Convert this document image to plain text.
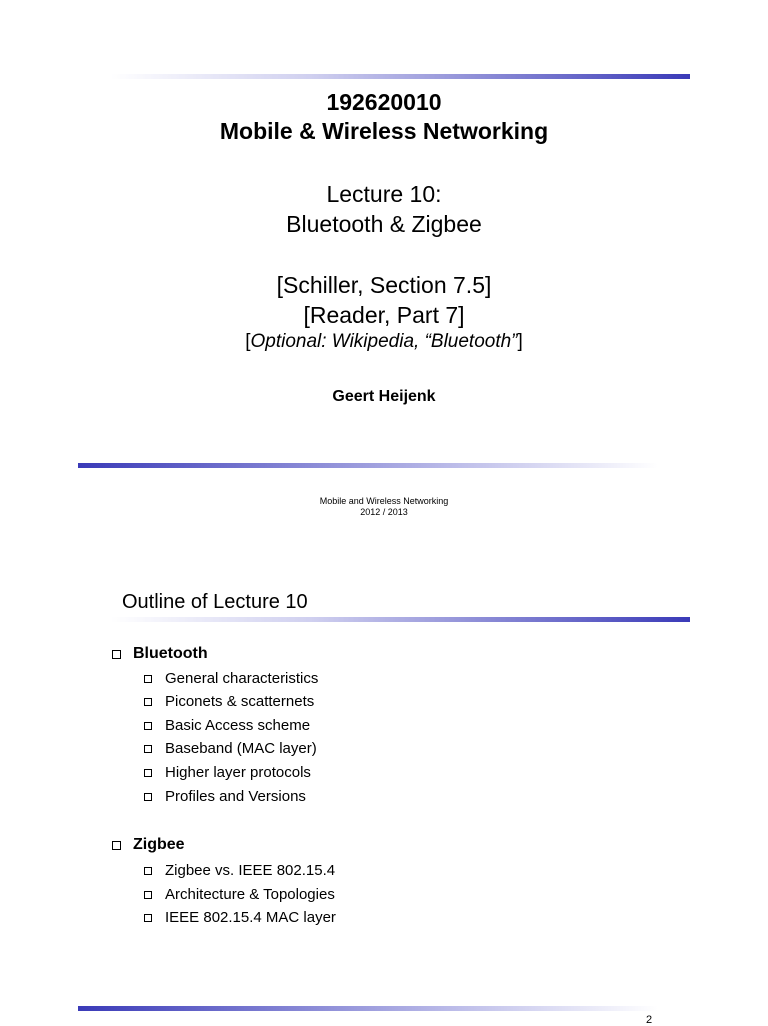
192620010
Mobile & Wireless Networking
Lecture 10:
Bluetooth & Zigbee
[Schiller, Section 7.5]
[Reader, Part 7]
[Optional: Wikipedia, “Bluetooth”]
Geert Heijenk
Mobile and Wireless Networking
2012 / 2013
Outline of Lecture 10
Bluetooth
General characteristics
Piconets & scatternets
Basic Access scheme
Baseband (MAC layer)
Higher layer protocols
Profiles and Versions
Zigbee
Zigbee vs. IEEE 802.15.4
Architecture & Topologies
IEEE 802.15.4 MAC layer
2
